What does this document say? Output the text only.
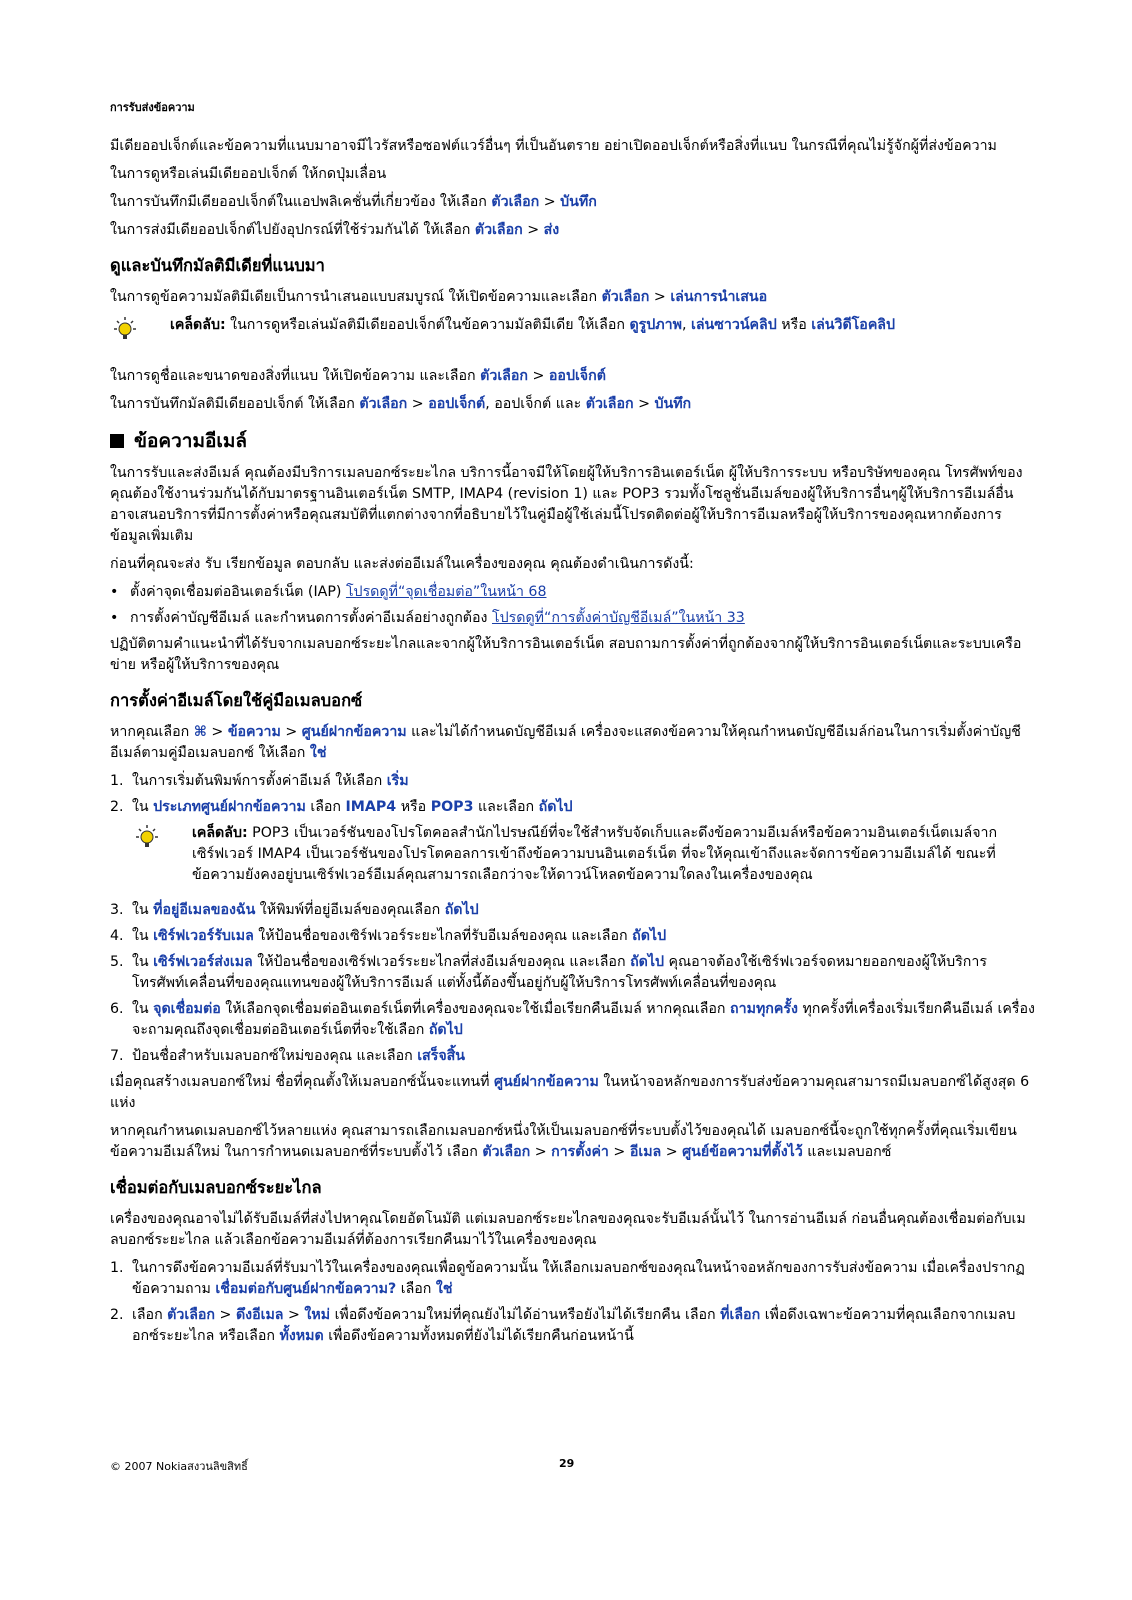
การรับส่งข้อความ

มีเดียออปเจ็กต์และข้อความที่แนบมาอาจมีไวรัสหรือซอฟต์แวร์อื่นๆ ที่เป็นอันตราย อย่าเปิดออปเจ็กต์หรือสิ่งที่แนบ ในกรณีที่คุณไม่รู้จักผู้ที่ส่งข้อความ

ในการดูหรือเล่นมีเดียออปเจ็กต์ ให้กดปุ่มเลื่อน

ในการบันทึกมีเดียออปเจ็กต์ในแอปพลิเคชั่นที่เกี่ยวข้อง ให้เลือก ตัวเลือก > บันทึก

ในการส่งมีเดียออปเจ็กต์ไปยังอุปกรณ์ที่ใช้ร่วมกันได้ ให้เลือก ตัวเลือก > ส่ง

ดูและบันทึกมัลติมีเดียที่แนบมา

ในการดูข้อความมัลติมีเดียเป็นการนำเสนอแบบสมบูรณ์ ให้เปิดข้อความและเลือก ตัวเลือก > เล่นการนำเสนอ

เคล็ดลับ: ในการดูหรือเล่นมัลติมีเดียออปเจ็กต์ในข้อความมัลติมีเดีย ให้เลือก ดูรูปภาพ, เล่นซาวน์คลิป หรือ เล่นวิดีโอคลิป

ในการดูชื่อและขนาดของสิ่งที่แนบ ให้เปิดข้อความ และเลือก ตัวเลือก > ออปเจ็กต์

ในการบันทึกมัลติมีเดียออปเจ็กต์ ให้เลือก ตัวเลือก > ออปเจ็กต์, ออปเจ็กต์ และ ตัวเลือก > บันทึก

ข้อความอีเมล์

ในการรับและส่งอีเมล์ คุณต้องมีบริการเมลบอกซ์ระยะไกล บริการนี้อาจมีให้โดยผู้ให้บริการอินเตอร์เน็ต ผู้ให้บริการระบบ หรือบริษัทของคุณ โทรศัพท์ของคุณต้องใช้งานร่วมกันได้กับมาตรฐานอินเตอร์เน็ต SMTP, IMAP4 (revision 1) และ POP3 รวมทั้งโซลูชั่นอีเมล์ของผู้ให้บริการอื่นๆผู้ให้บริการอีเมล์อื่นอาจเสนอบริการที่มีการตั้งค่าหรือคุณสมบัติที่แตกต่างจากที่อธิบายไว้ในคู่มือผู้ใช้เล่มนี้โปรดติดต่อผู้ให้บริการอีเมลหรือผู้ให้บริการของคุณหากต้องการข้อมูลเพิ่มเติม

ก่อนที่คุณจะส่ง รับ เรียกข้อมูล ตอบกลับ และส่งต่ออีเมล์ในเครื่องของคุณ คุณต้องดำเนินการดังนี้:

• ตั้งค่าจุดเชื่อมต่ออินเตอร์เน็ต (IAP) โปรดดูที่“จุดเชื่อมต่อ”ในหน้า 68
• การตั้งค่าบัญชีอีเมล์ และกำหนดการตั้งค่าอีเมล์อย่างถูกต้อง โปรดดูที่“การตั้งค่าบัญชีอีเมล์”ในหน้า 33

ปฏิบัติตามคำแนะนำที่ได้รับจากเมลบอกซ์ระยะไกลและจากผู้ให้บริการอินเตอร์เน็ต สอบถามการตั้งค่าที่ถูกต้องจากผู้ให้บริการอินเตอร์เน็ตและระบบเครือข่าย หรือผู้ให้บริการของคุณ

การตั้งค่าอีเมล์โดยใช้คู่มือเมลบอกซ์

หากคุณเลือก ⌘ > ข้อความ > ศูนย์ฝากข้อความ และไม่ได้กำหนดบัญชีอีเมล์ เครื่องจะแสดงข้อความให้คุณกำหนดบัญชีอีเมล์ก่อนในการเริ่มตั้งค่าบัญชีอีเมล์ตามคู่มือเมลบอกซ์ ให้เลือก ใช่

1. ในการเริ่มต้นพิมพ์การตั้งค่าอีเมล์ ให้เลือก เริ่ม
2. ใน ประเภทศูนย์ฝากข้อความ เลือก IMAP4 หรือ POP3 และเลือก ถัดไป
เคล็ดลับ: POP3 เป็นเวอร์ชันของโปรโตคอลสำนักไปรษณีย์ที่จะใช้สำหรับจัดเก็บและดึงข้อความอีเมล์หรือข้อความอินเตอร์เน็ตเมล์จากเซิร์ฟเวอร์ IMAP4 เป็นเวอร์ชันของโปรโตคอลการเข้าถึงข้อความบนอินเตอร์เน็ต ที่จะให้คุณเข้าถึงและจัดการข้อความอีเมล์ได้ ขณะที่ข้อความยังคงอยู่บนเซิร์ฟเวอร์อีเมล์คุณสามารถเลือกว่าจะให้ดาวน์โหลดข้อความใดลงในเครื่องของคุณ
3. ใน ที่อยู่อีเมลของฉัน ให้พิมพ์ที่อยู่อีเมล์ของคุณเลือก ถัดไป
4. ใน เซิร์ฟเวอร์รับเมล ให้ป้อนชื่อของเซิร์ฟเวอร์ระยะไกลที่รับอีเมล์ของคุณ และเลือก ถัดไป
5. ใน เซิร์ฟเวอร์ส่งเมล ให้ป้อนชื่อของเซิร์ฟเวอร์ระยะไกลที่ส่งอีเมล์ของคุณ และเลือก ถัดไป คุณอาจต้องใช้เซิร์ฟเวอร์จดหมายออกของผู้ให้บริการโทรศัพท์เคลื่อนที่ของคุณแทนของผู้ให้บริการอีเมล์ แต่ทั้งนี้ต้องขึ้นอยู่กับผู้ให้บริการโทรศัพท์เคลื่อนที่ของคุณ
6. ใน จุดเชื่อมต่อ ให้เลือกจุดเชื่อมต่ออินเตอร์เน็ตที่เครื่องของคุณจะใช้เมื่อเรียกคืนอีเมล์ หากคุณเลือก ถามทุกครั้ง ทุกครั้งที่เครื่องเริ่มเรียกคืนอีเมล์ เครื่องจะถามคุณถึงจุดเชื่อมต่ออินเตอร์เน็ตที่จะใช้เลือก ถัดไป
7. ป้อนชื่อสำหรับเมลบอกซ์ใหม่ของคุณ และเลือก เสร็จสิ้น

เมื่อคุณสร้างเมลบอกซ์ใหม่ ชื่อที่คุณตั้งให้เมลบอกซ์นั้นจะแทนที่ ศูนย์ฝากข้อความ ในหน้าจอหลักของการรับส่งข้อความคุณสามารถมีเมลบอกซ์ได้สูงสุด 6 แห่ง

หากคุณกำหนดเมลบอกซ์ไว้หลายแห่ง คุณสามารถเลือกเมลบอกซ์หนึ่งให้เป็นเมลบอกซ์ที่ระบบตั้งไว้ของคุณได้ เมลบอกซ์นี้จะถูกใช้ทุกครั้งที่คุณเริ่มเขียนข้อความอีเมล์ใหม่ ในการกำหนดเมลบอกซ์ที่ระบบตั้งไว้ เลือก ตัวเลือก > การตั้งค่า > อีเมล > ศูนย์ข้อความที่ตั้งไว้ และเมลบอกซ์

เชื่อมต่อกับเมลบอกซ์ระยะไกล

เครื่องของคุณอาจไม่ได้รับอีเมล์ที่ส่งไปหาคุณโดยอัตโนมัติ แต่เมลบอกซ์ระยะไกลของคุณจะรับอีเมล์นั้นไว้ ในการอ่านอีเมล์ ก่อนอื่นคุณต้องเชื่อมต่อกับเมลบอกซ์ระยะไกล แล้วเลือกข้อความอีเมล์ที่ต้องการเรียกคืนมาไว้ในเครื่องของคุณ

1. ในการดึงข้อความอีเมล์ที่รับมาไว้ในเครื่องของคุณเพื่อดูข้อความนั้น ให้เลือกเมลบอกซ์ของคุณในหน้าจอหลักของการรับส่งข้อความ เมื่อเครื่องปรากฏข้อความถาม เชื่อมต่อกับศูนย์ฝากข้อความ? เลือก ใช่
2. เลือก ตัวเลือก > ดึงอีเมล > ใหม่ เพื่อดึงข้อความใหม่ที่คุณยังไม่ได้อ่านหรือยังไม่ได้เรียกคืน เลือก ที่เลือก เพื่อดึงเฉพาะข้อความที่คุณเลือกจากเมลบอกซ์ระยะไกล หรือเลือก ทั้งหมด เพื่อดึงข้อความทั้งหมดที่ยังไม่ได้เรียกคืนก่อนหน้านี้
© 2007 Nokiaสงวนลิขสิทธิ์	29
